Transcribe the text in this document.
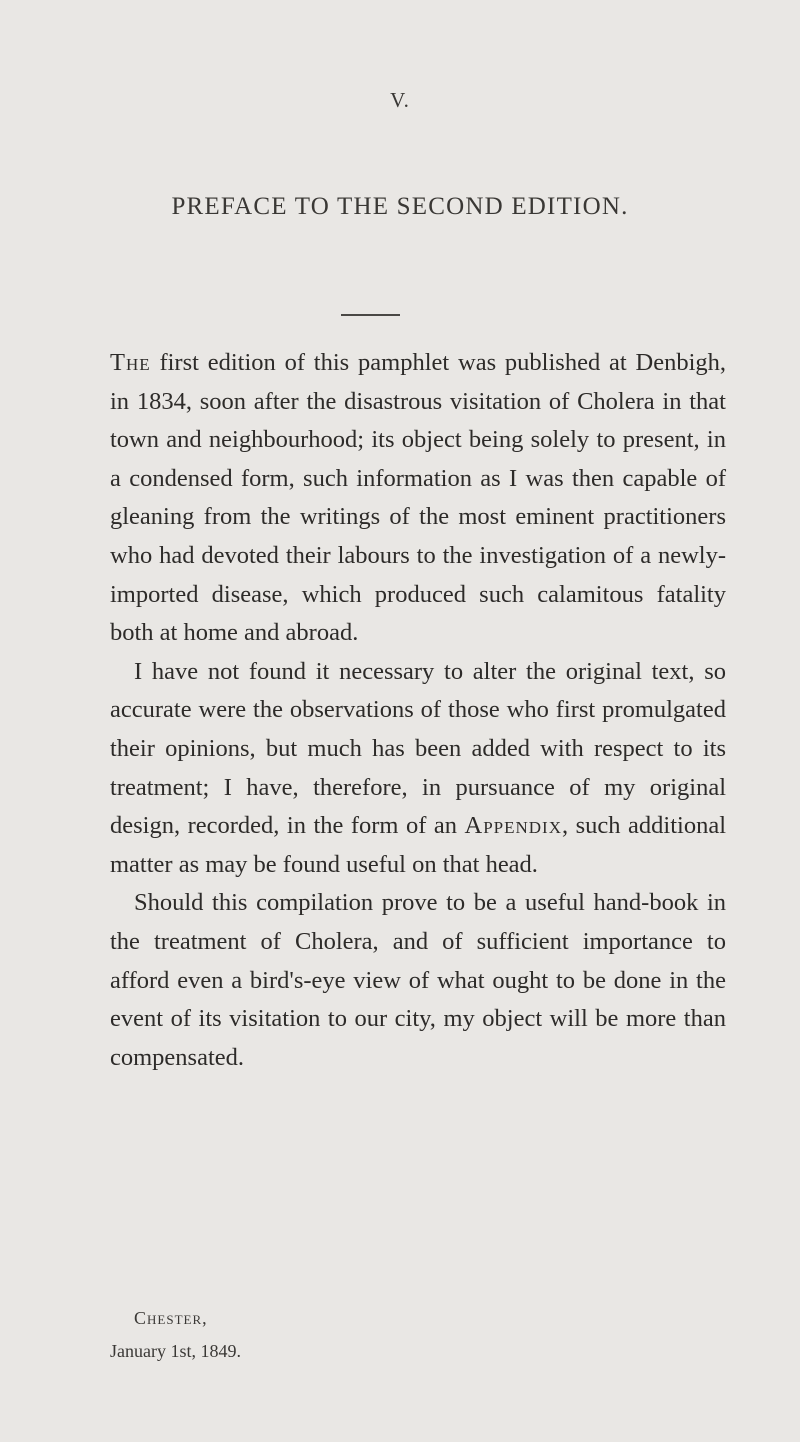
V.
PREFACE TO THE SECOND EDITION.

The first edition of this pamphlet was published at Denbigh, in 1834, soon after the disastrous visitation of Cholera in that town and neighbourhood; its object being solely to present, in a condensed form, such information as I was then capable of gleaning from the writings of the most eminent practitioners who had devoted their labours to the investigation of a newly-imported disease, which produced such calamitous fatality both at home and abroad.

I have not found it necessary to alter the original text, so accurate were the observations of those who first promulgated their opinions, but much has been added with respect to its treatment; I have, therefore, in pursuance of my original design, recorded, in the form of an Appendix, such additional matter as may be found useful on that head.

Should this compilation prove to be a useful hand-book in the treatment of Cholera, and of sufficient importance to afford even a bird's-eye view of what ought to be done in the event of its visitation to our city, my object will be more than compensated.

Chester,
January 1st, 1849.
